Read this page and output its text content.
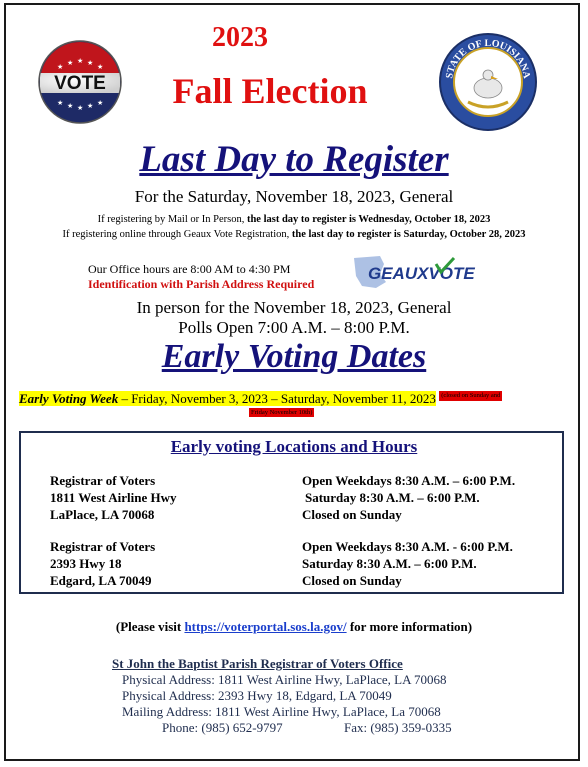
VOTE
★ ★ ★ ★ ★
★ ★ ★ ★ ★
2023
Fall Election	STATE OF LOUISIANA
Last Day to Register
For the Saturday, November 18, 2023, General
If registering by Mail or In Person, the last day to register is Wednesday, October 18, 2023
If registering online through Geaux Vote Registration, the last day to register is Saturday, October 28, 2023
Our Office hours are 8:00 AM to 4:30 PM
Identification with Parish Address Required
GEAUXVOTE
In person for the November 18, 2023, General
Polls Open 7:00 A.M. – 8:00 P.M.
Early Voting Dates
Early Voting Week – Friday, November 3, 2023 – Saturday, November 11, 2023 (closed on Sunday and
Friday November 10th)
Early voting Locations and Hours
Registrar of Voters
1811 West Airline Hwy
LaPlace, LA 70068
Open Weekdays 8:30 A.M. – 6:00 P.M.
Saturday 8:30 A.M. – 6:00 P.M.
Closed on Sunday
Registrar of Voters
2393 Hwy 18
Edgard, LA 70049
Open Weekdays 8:30 A.M. - 6:00 P.M.
Saturday 8:30 A.M. – 6:00 P.M.
Closed on Sunday
(Please visit https://voterportal.sos.la.gov/ for more information)
St John the Baptist Parish Registrar of Voters Office
Physical Address: 1811 West Airline Hwy, LaPlace, LA 70068
Physical Address: 2393 Hwy 18, Edgard, LA 70049
Mailing Address: 1811 West Airline Hwy, LaPlace, La 70068
Phone: (985) 652-9797	Fax: (985) 359-0335
